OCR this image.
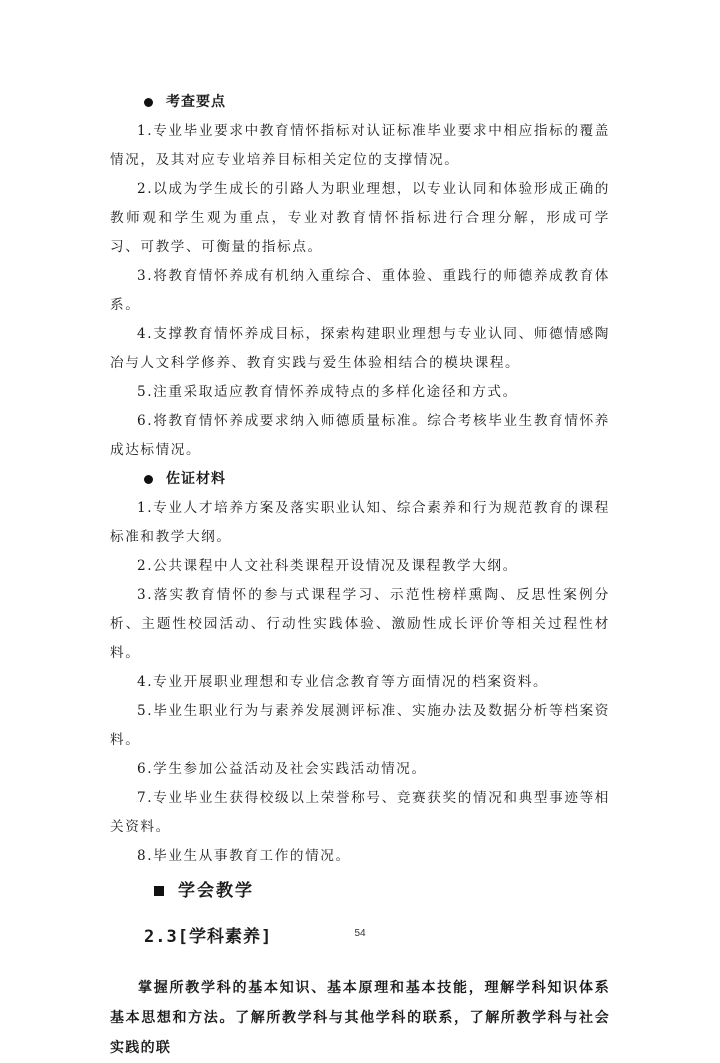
考查要点

1.专业毕业要求中教育情怀指标对认证标准毕业要求中相应指标的覆盖情况，及其对应专业培养目标相关定位的支撑情况。

2.以成为学生成长的引路人为职业理想，以专业认同和体验形成正确的教师观和学生观为重点，专业对教育情怀指标进行合理分解，形成可学习、可教学、可衡量的指标点。

3.将教育情怀养成有机纳入重综合、重体验、重践行的师德养成教育体系。

4.支撑教育情怀养成目标，探索构建职业理想与专业认同、师德情感陶冶与人文科学修养、教育实践与爱生体验相结合的模块课程。

5.注重采取适应教育情怀养成特点的多样化途径和方式。

6.将教育情怀养成要求纳入师德质量标准。综合考核毕业生教育情怀养成达标情况。

佐证材料

1.专业人才培养方案及落实职业认知、综合素养和行为规范教育的课程标准和教学大纲。

2.公共课程中人文社科类课程开设情况及课程教学大纲。

3.落实教育情怀的参与式课程学习、示范性榜样熏陶、反思性案例分析、主题性校园活动、行动性实践体验、激励性成长评价等相关过程性材料。

4.专业开展职业理想和专业信念教育等方面情况的档案资料。

5.毕业生职业行为与素养发展测评标准、实施办法及数据分析等档案资料。

6.学生参加公益活动及社会实践活动情况。

7.专业毕业生获得校级以上荣誉称号、竞赛获奖的情况和典型事迹等相关资料。

8.毕业生从事教育工作的情况。

学会教学
2.3[学科素养]

掌握所教学科的基本知识、基本原理和基本技能，理解学科知识体系基本思想和方法。了解所教学科与其他学科的联系，了解所教学科与社会实践的联

54
